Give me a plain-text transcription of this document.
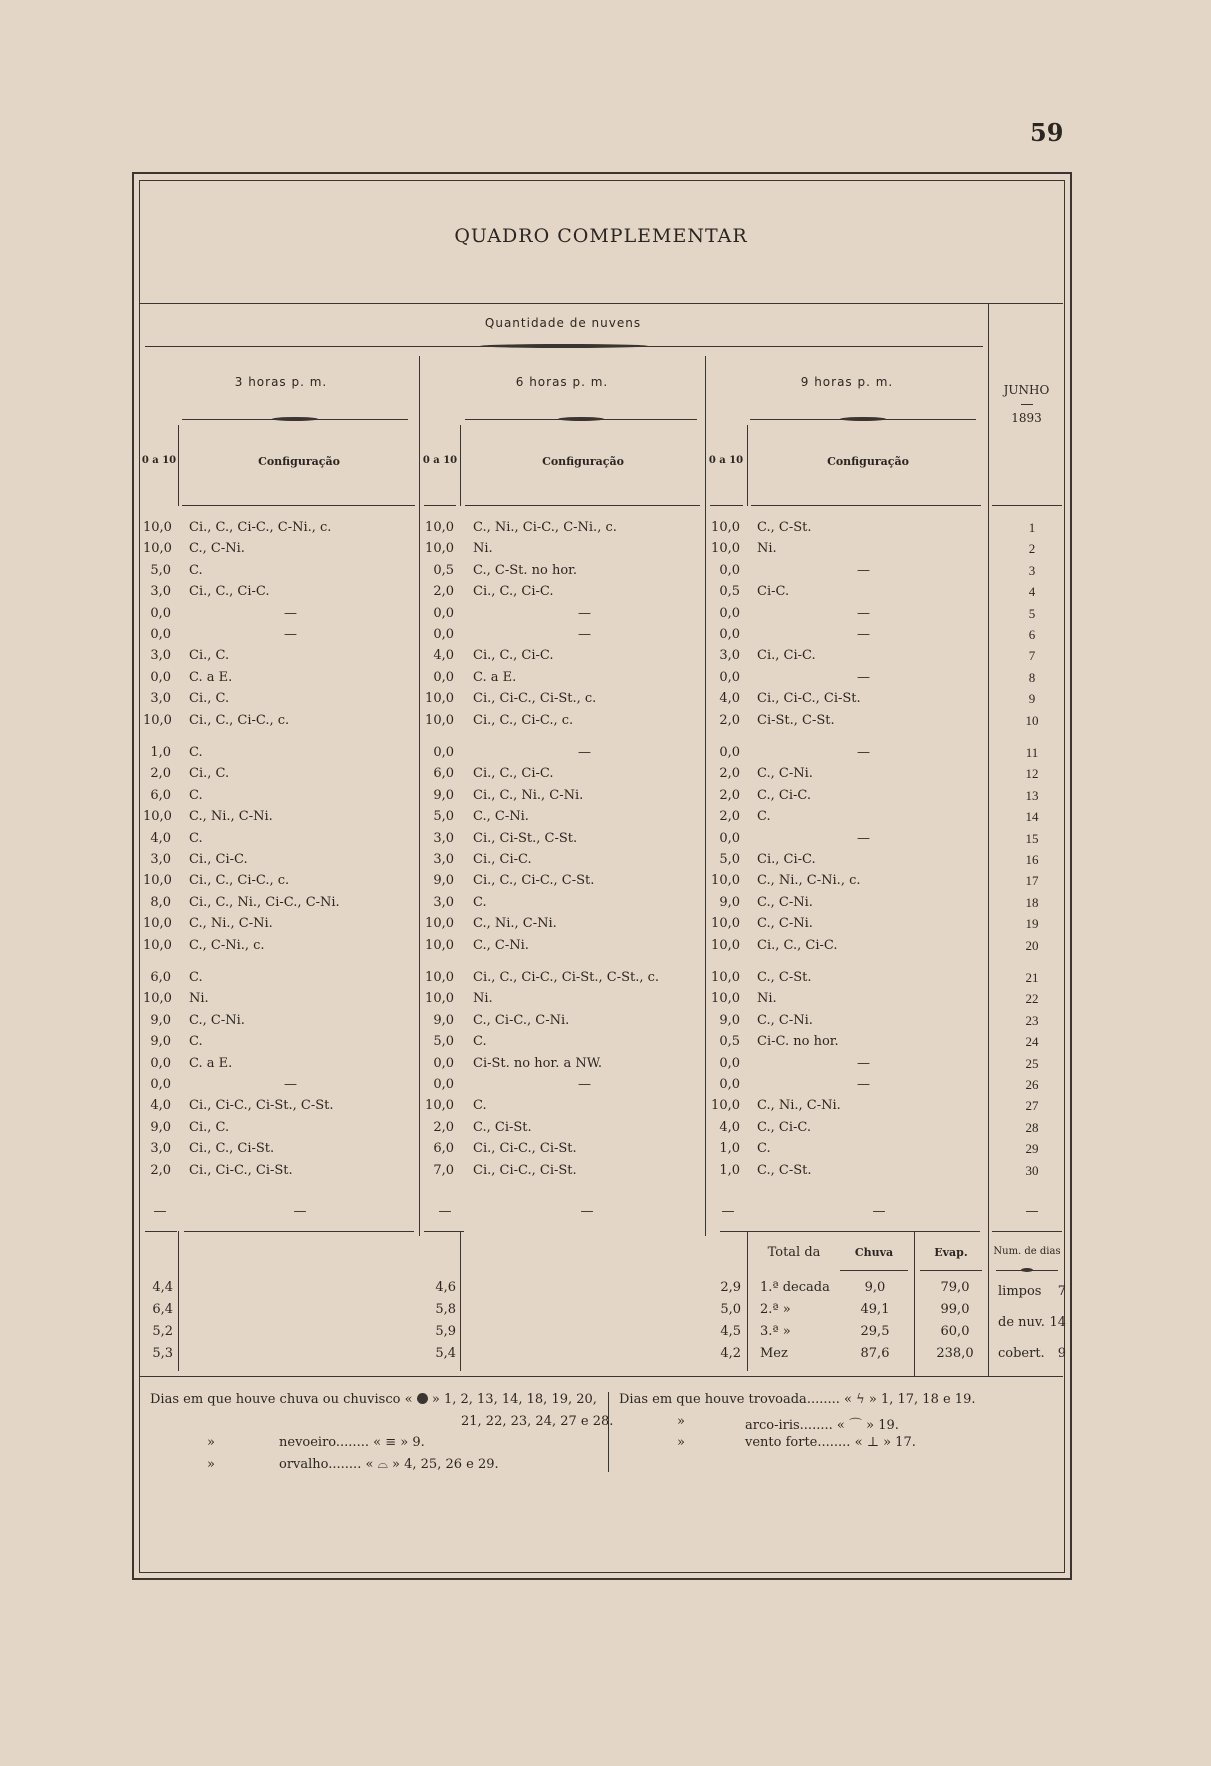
59
QUADRO COMPLEMENTAR
Quantidade de nuvens
3 horas p. m.	6 horas p. m.	9 horas p. m.
JUNHO
1893
0 a 10	Configuração	0 a 10	Configuração	0 a 10	Configuração
10,0 Ci., C., Ci-C., C-Ni., c.	10,0 C., Ni., Ci-C., C-Ni., c.	10,0 C., C-St.	1
10,0 C., C-Ni.	10,0 Ni.	10,0 Ni.	2
5,0 C.	0,5 C., C-St. no hor.	0,0	—	3
3,0 Ci., C., Ci-C.	2,0 Ci., C., Ci-C.	0,5 Ci-C.	4
0,0	—	0,0	—	0,0	—	5
0,0	—	0,0	—	0,0	—	6
3,0 Ci., C.	4,0 Ci., C., Ci-C.	3,0 Ci., Ci-C.	7
0,0 C. a E.	0,0 C. a E.	0,0	—	8
3,0 Ci., C.	10,0 Ci., Ci-C., Ci-St., c.	4,0 Ci., Ci-C., Ci-St.	9
10,0 Ci., C., Ci-C., c.	10,0 Ci., C., Ci-C., c.	2,0 Ci-St., C-St.	10
1,0 C.	0,0	—	0,0	—	11
2,0 Ci., C.	6,0 Ci., C., Ci-C.	2,0 C., C-Ni.	12
6,0 C.	9,0 Ci., C., Ni., C-Ni.	2,0 C., Ci-C.	13
10,0 C., Ni., C-Ni.	5,0 C., C-Ni.	2,0 C.	14
4,0 C.	3,0 Ci., Ci-St., C-St.	0,0	—	15
3,0 Ci., Ci-C.	3,0 Ci., Ci-C.	5,0 Ci., Ci-C.	16
10,0 Ci., C., Ci-C., c.	9,0 Ci., C., Ci-C., C-St.	10,0 C., Ni., C-Ni., c.	17
8,0 Ci., C., Ni., Ci-C., C-Ni.	3,0 C.	9,0 C., C-Ni.	18
10,0 C., Ni., C-Ni.	10,0 C., Ni., C-Ni.	10,0 C., C-Ni.	19
10,0 C., C-Ni., c.	10,0 C., C-Ni.	10,0 Ci., C., Ci-C.	20
6,0 C.	10,0 Ci., C., Ci-C., Ci-St., C-St., c.	10,0 C., C-St.	21
10,0 Ni.	10,0 Ni.	10,0 Ni.	22
9,0 C., C-Ni.	9,0 C., Ci-C., C-Ni.	9,0 C., C-Ni.	23
9,0 C.	5,0 C.	0,5 Ci-C. no hor.	24
0,0 C. a E.	0,0 Ci-St. no hor. a NW.	0,0	—	25
0,0	—	0,0	—	0,0	—	26
4,0 Ci., Ci-C., Ci-St., C-St.	10,0 C.	10,0 C., Ni., C-Ni.	27
9,0 Ci., C.	2,0 C., Ci-St.	4,0 C., Ci-C.	28
3,0 Ci., C., Ci-St.	6,0 Ci., Ci-C., Ci-St.	1,0 C.	29
2,0 Ci., Ci-C., Ci-St.	7,0 Ci., Ci-C., Ci-St.	1,0 C., C-St.	30
—	—	—	—	—	—	—
Total da	Chuva	Evap.	Num. de dias
4,4	4,6	2,9 1.ª decada	9,0	79,0
6,4	5,8	5,0 2.ª »	49,1	99,0
5,2	5,9	4,5 3.ª »	29,5	60,0
5,3	5,4	4,2 Mez	87,6	238,0
limpos	7
de nuv. 14
cobert.	9
Dias em que houve chuva ou chuvisco « » 1, 2, 13, 14, 18, 19, 20,
21, 22, 23, 24, 27 e 28.
»	nevoeiro........ « ≡ » 9.
»	orvalho........ « ⌓ » 4, 25, 26 e 29.
Dias em que houve trovoada........ « ϟ » 1, 17, 18 e 19.
»	arco-iris........ « ⌒ » 19.
»	vento forte........ « ⊥ » 17.
